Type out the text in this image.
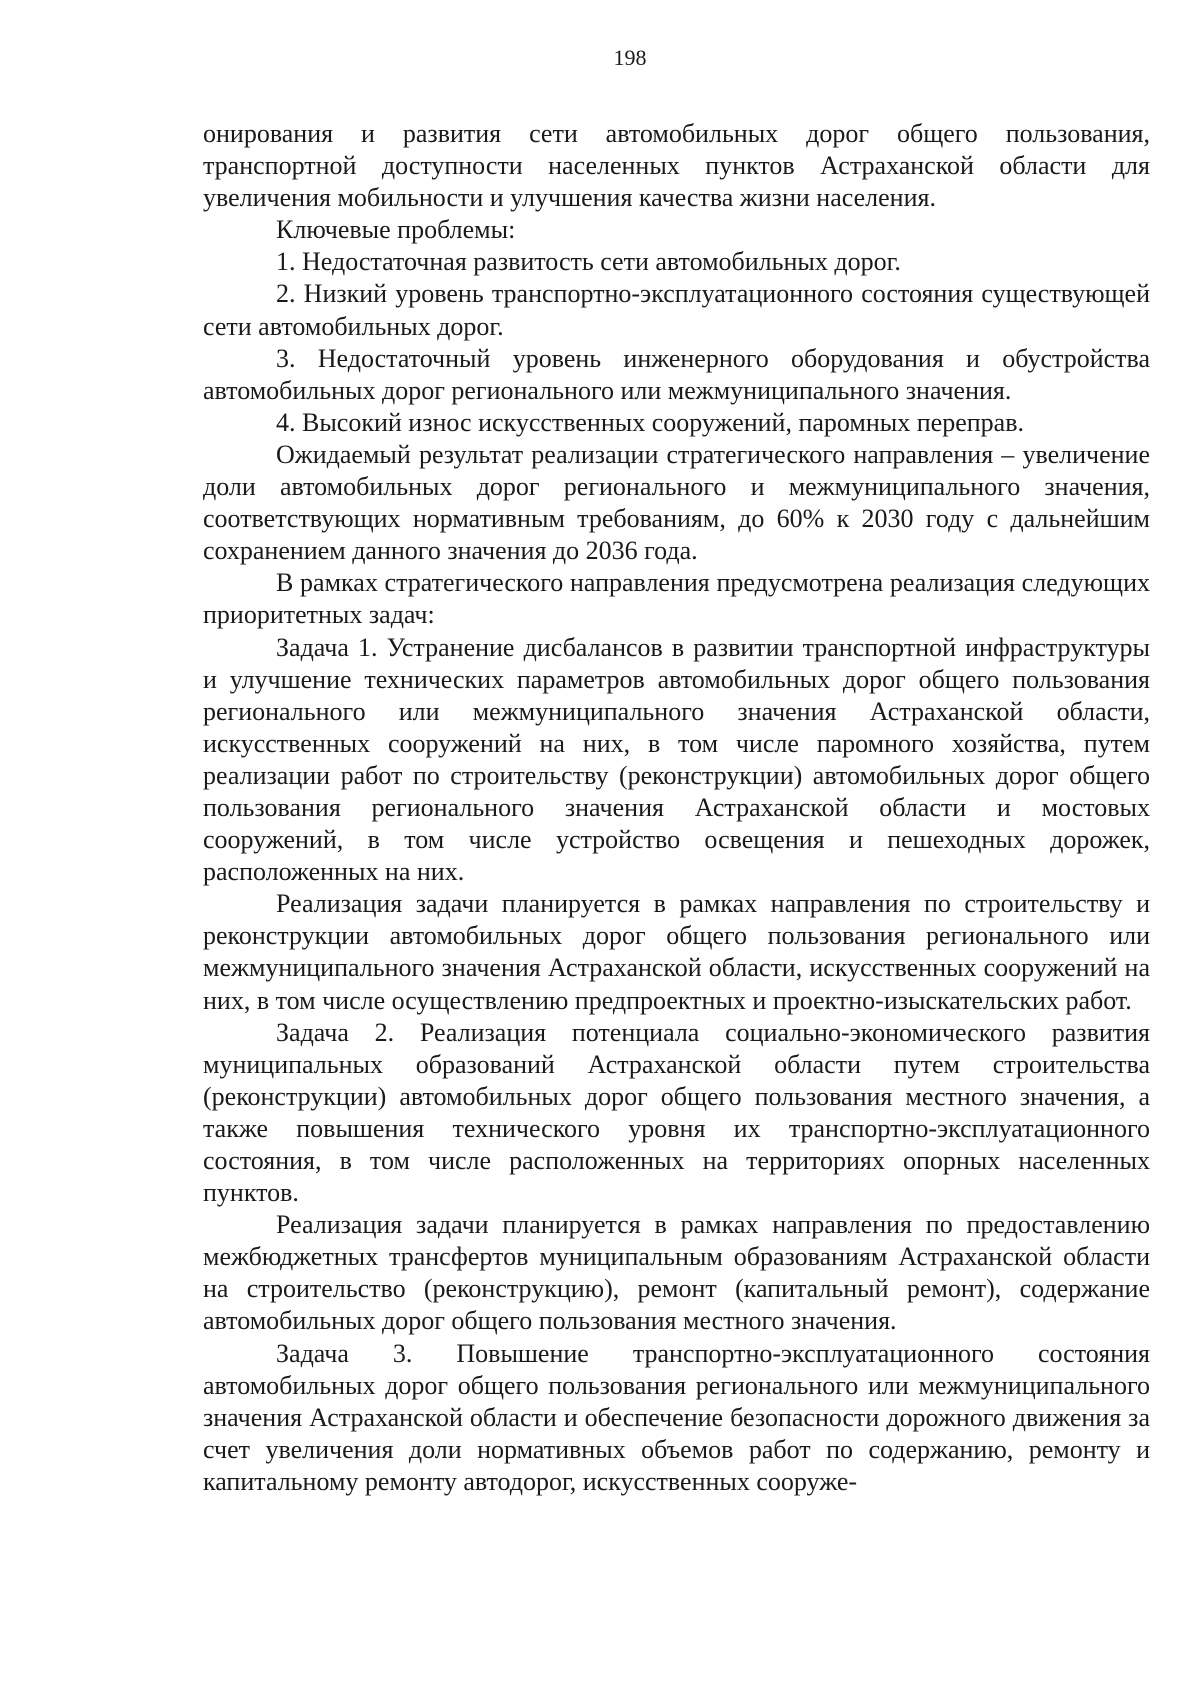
198

онирования и развития сети автомобильных дорог общего пользования, транспортной доступности населенных пунктов Астраханской области для увеличения мобильности и улучшения качества жизни населения.

Ключевые проблемы:

1. Недостаточная развитость сети автомобильных дорог.

2. Низкий уровень транспортно-эксплуатационного состояния существующей сети автомобильных дорог.

3. Недостаточный уровень инженерного оборудования и обустройства автомобильных дорог регионального или межмуниципального значения.

4. Высокий износ искусственных сооружений, паромных переправ.

Ожидаемый результат реализации стратегического направления – увеличение доли автомобильных дорог регионального и межмуниципального значения, соответствующих нормативным требованиям, до 60% к 2030 году с дальнейшим сохранением данного значения до 2036 года.

В рамках стратегического направления предусмотрена реализация следующих приоритетных задач:

Задача 1. Устранение дисбалансов в развитии транспортной инфраструктуры и улучшение технических параметров автомобильных дорог общего пользования регионального или межмуниципального значения Астраханской области, искусственных сооружений на них, в том числе паромного хозяйства, путем реализации работ по строительству (реконструкции) автомобильных дорог общего пользования регионального значения Астраханской области и мостовых сооружений, в том числе устройство освещения и пешеходных дорожек, расположенных на них.

Реализация задачи планируется в рамках направления по строительству и реконструкции автомобильных дорог общего пользования регионального или межмуниципального значения Астраханской области, искусственных сооружений на них, в том числе осуществлению предпроектных и проектно-изыскательских работ.

Задача 2. Реализация потенциала социально-экономического развития муниципальных образований Астраханской области путем строительства (реконструкции) автомобильных дорог общего пользования местного значения, а также повышения технического уровня их транспортно-эксплуатационного состояния, в том числе расположенных на территориях опорных населенных пунктов.

Реализация задачи планируется в рамках направления по предоставлению межбюджетных трансфертов муниципальным образованиям Астраханской области на строительство (реконструкцию), ремонт (капитальный ремонт), содержание автомобильных дорог общего пользования местного значения.

Задача 3. Повышение транспортно-эксплуатационного состояния автомобильных дорог общего пользования регионального или межмуниципального значения Астраханской области и обеспечение безопасности дорожного движения за счет увеличения доли нормативных объемов работ по содержанию, ремонту и капитальному ремонту автодорог, искусственных сооруже-
